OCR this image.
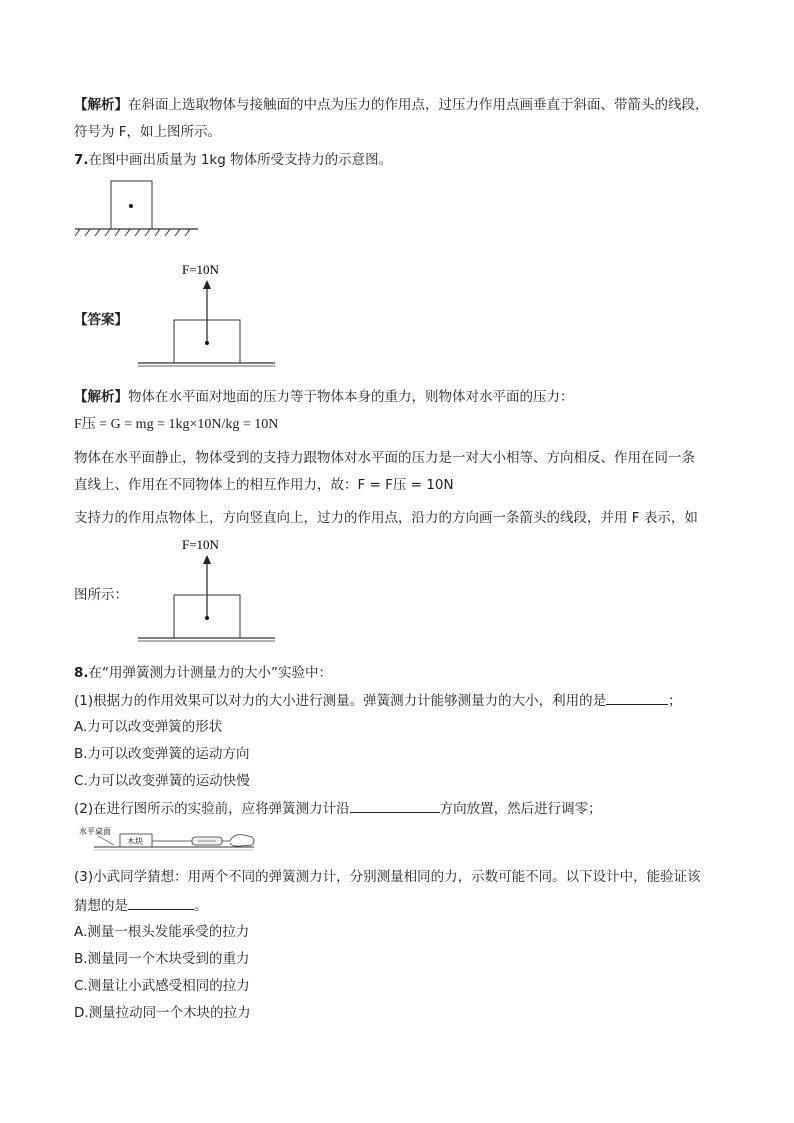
【解析】在斜面上选取物体与接触面的中点为压力的作用点，过压力作用点画垂直于斜面、带箭头的线段，
符号为 F，如上图所示。
7.在图中画出质量为 1kg 物体所受支持力的示意图。
【答案】
F=10N
【解析】物体在水平面对地面的压力等于物体本身的重力，则物体对水平面的压力：
F压 = G = mg = 1kg×10N/kg = 10N
物体在水平面静止，物体受到的支持力跟物体对水平面的压力是一对大小相等、方向相反、作用在同一条
直线上、作用在不同物体上的相互作用力，故：F = F压 = 10N
支持力的作用点物体上，方向竖直向上，过力的作用点，沿力的方向画一条箭头的线段，并用 F 表示，如
图所示：
F=10N
8.在“用弹簧测力计测量力的大小”实验中：
(1)根据力的作用效果可以对力的大小进行测量。弹簧测力计能够测量力的大小，利用的是	；
A.力可以改变弹簧的形状
B.力可以改变弹簧的运动方向
C.力可以改变弹簧的运动快慢
(2)在进行图所示的实验前，应将弹簧测力计沿	方向放置，然后进行调零；
水平桌面
木块
(3)小武同学猜想：用两个不同的弹簧测力计，分别测量相同的力，示数可能不同。以下设计中，能验证该
猜想的是	。
A.测量一根头发能承受的拉力
B.测量同一个木块受到的重力
C.测量让小武感受相同的拉力
D.测量拉动同一个木块的拉力
